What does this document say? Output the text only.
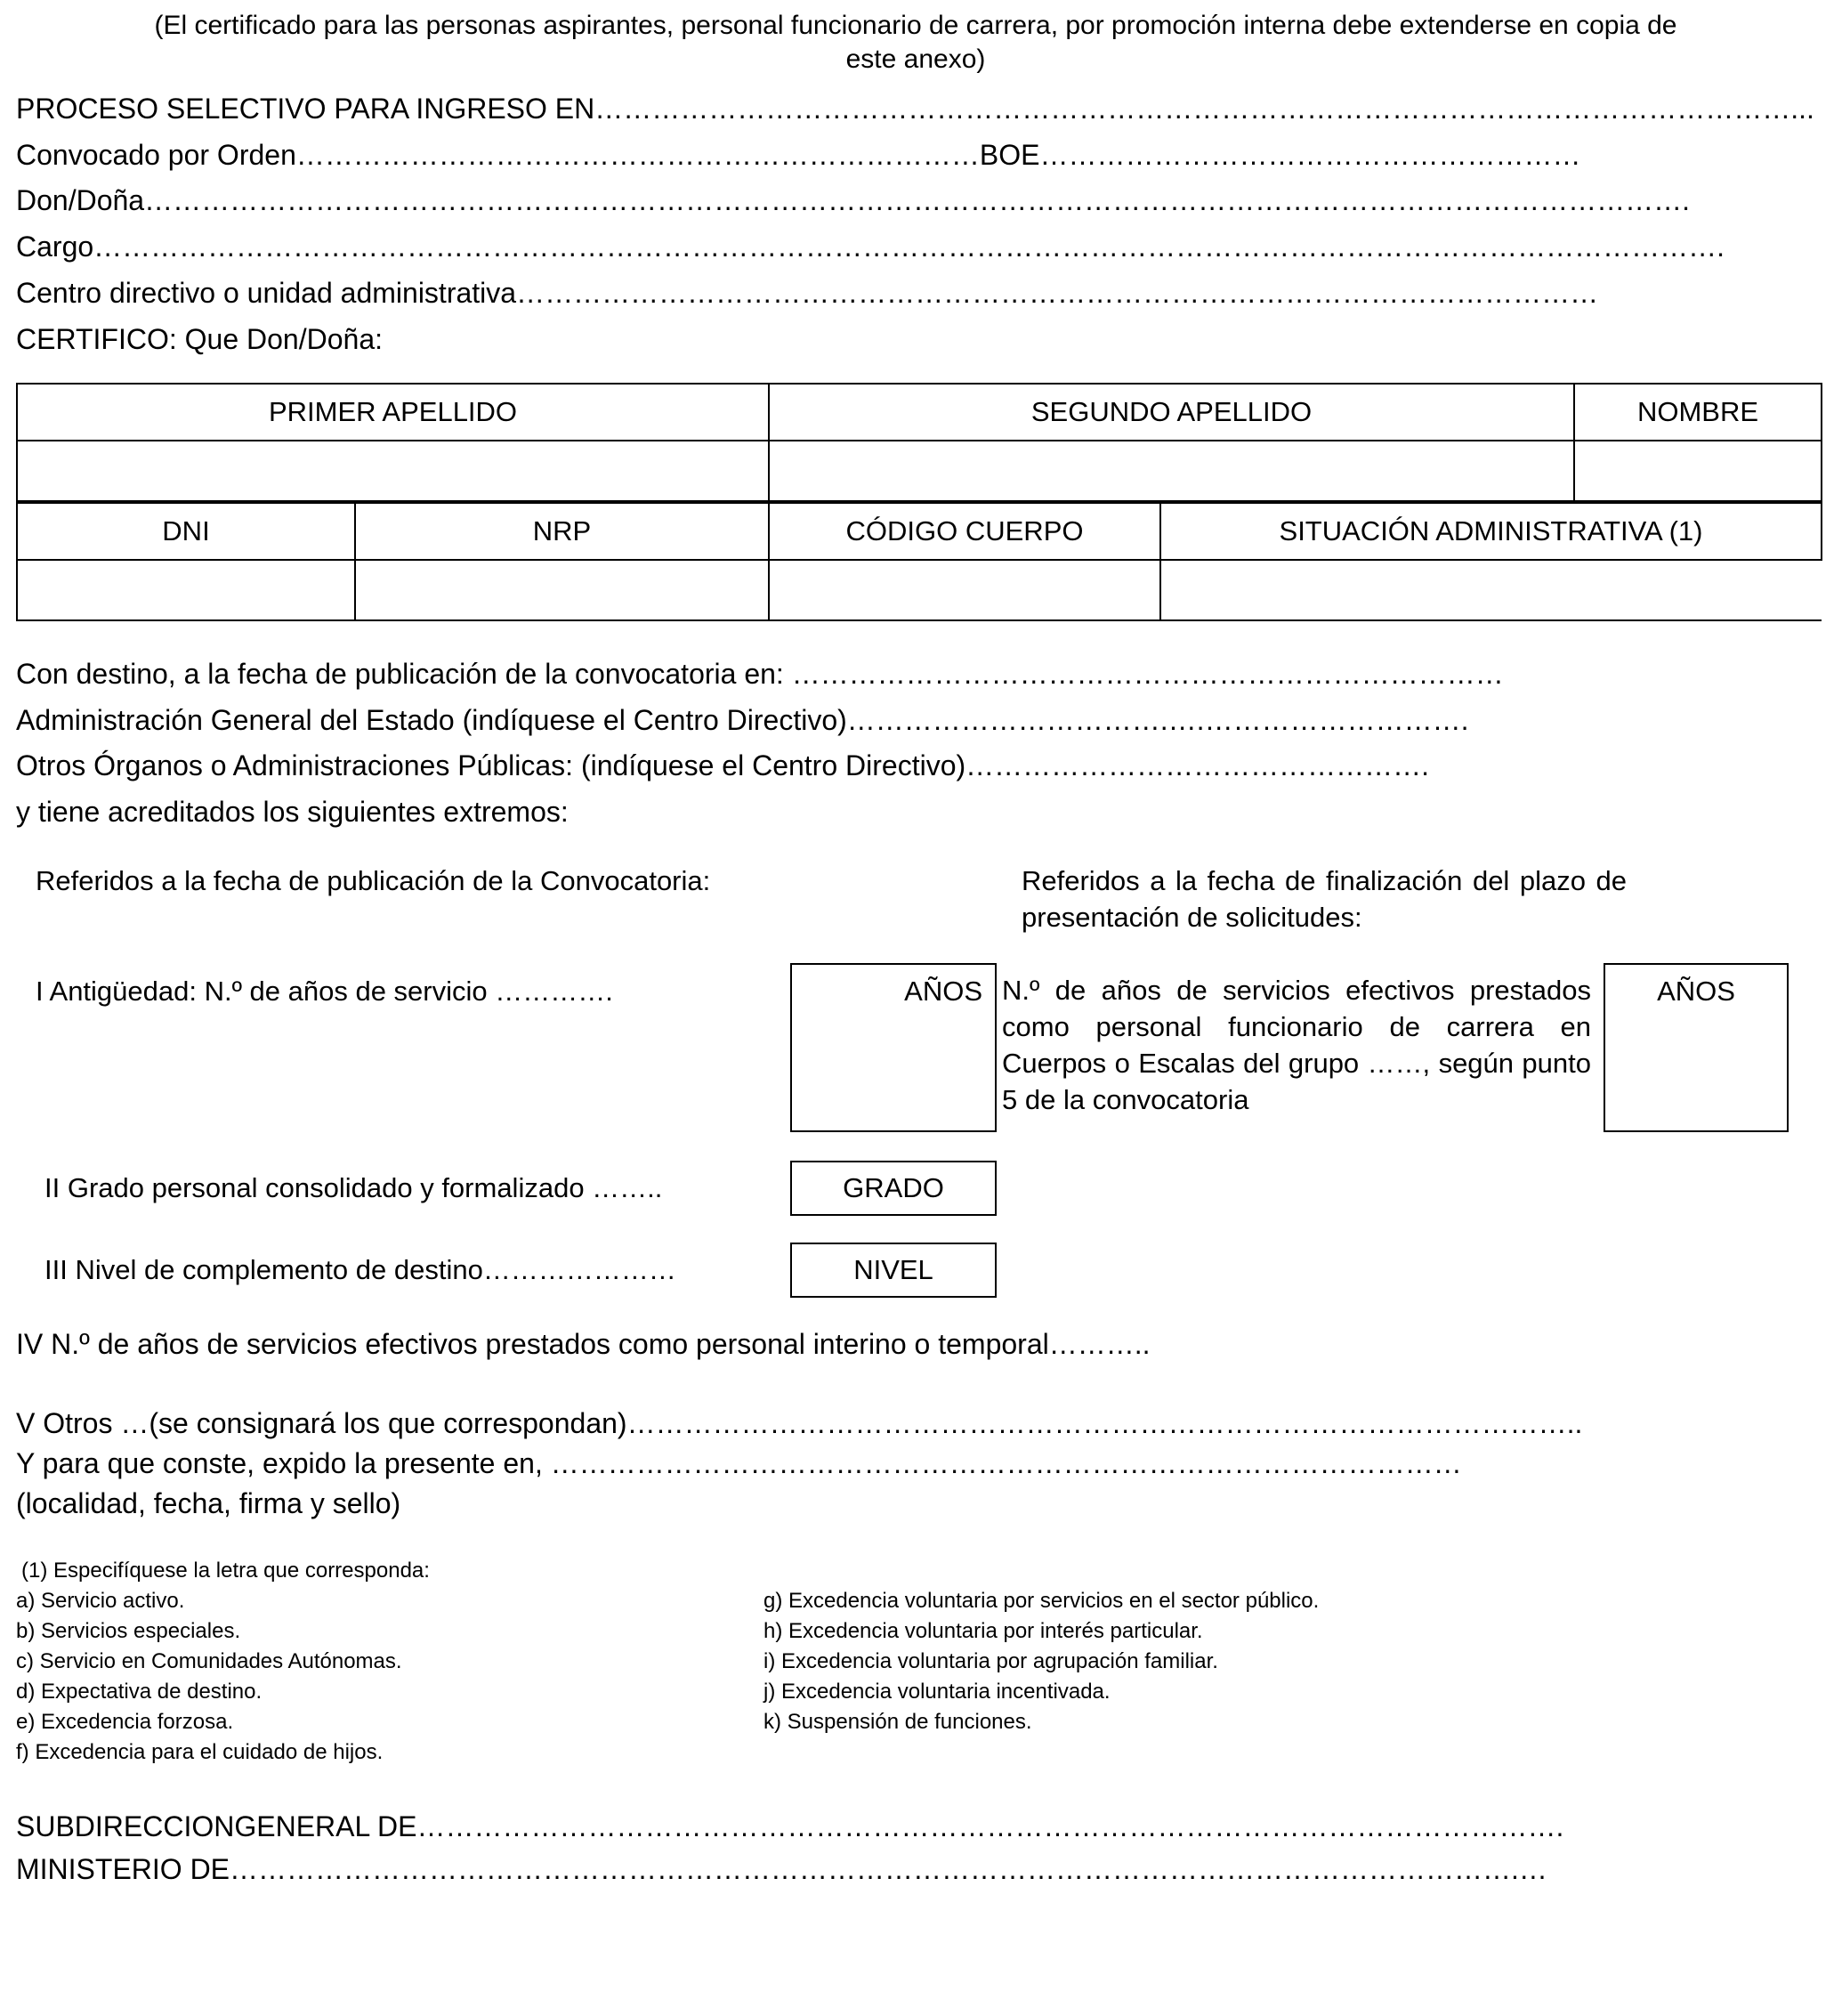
(El certificado para las personas aspirantes, personal funcionario de carrera, por promoción interna debe extenderse en copia de este anexo)
PROCESO SELECTIVO PARA INGRESO EN………………………………………………………………………………………………………………...
Convocado por Orden………………………………………………………………BOE…………………………………………………
Don/Doña……………………………………………………………………………………………………………………………………………….
Cargo……………………………………………………………………………………………………………………………………………………….
Centro directivo o unidad administrativa……………………………………………………………………………………………………
CERTIFICO: Que Don/Doña:
PRIMER APELLIDO	SEGUNDO APELLIDO	NOMBRE

DNI	NRP	CÓDIGO CUERPO	SITUACIÓN ADMINISTRATIVA (1)

Con destino, a la fecha de publicación de la convocatoria en: …………………………………………………………………
Administración General del Estado (indíquese el Centro Directivo)…………………………….….……………………….
Otros Órganos o Administraciones Públicas: (indíquese el Centro Directivo)………………………………………….
y tiene acreditados los siguientes extremos:
Referidos a la fecha de publicación de la Convocatoria:	Referidos a la fecha de finalización del plazo de presentación de solicitudes:
I Antigüedad: N.º de años de servicio ………….	AÑOS N.º de años de servicios efectivos prestados como personal funcionario de carrera en Cuerpos o Escalas del grupo ……, según punto 5 de la convocatoria
AÑOS
II Grado personal consolidado y formalizado ……..	GRADO
III Nivel de complemento de destino…………………	NIVEL
IV N.º de años de servicios efectivos prestados como personal interino o temporal………..
V Otros …(se consignará los que correspondan)………………………………………………………………………………………..
Y para que conste, expido la presente en, ……………………………………………………………………………………
(localidad, fecha, firma y sello)
(1) Especifíquese la letra que corresponda:
a) Servicio activo.
b) Servicios especiales.
c) Servicio en Comunidades Autónomas.
d) Expectativa de destino.
e) Excedencia forzosa.
f) Excedencia para el cuidado de hijos.
g) Excedencia voluntaria por servicios en el sector público.
h) Excedencia voluntaria por interés particular.
i) Excedencia voluntaria por agrupación familiar.
j) Excedencia voluntaria incentivada.
k) Suspensión de funciones.
SUBDIRECCIONGENERAL DE………………………………………………………………………………………………………….
MINISTERIO DE……………………………………………………………………………………………………………………….…
